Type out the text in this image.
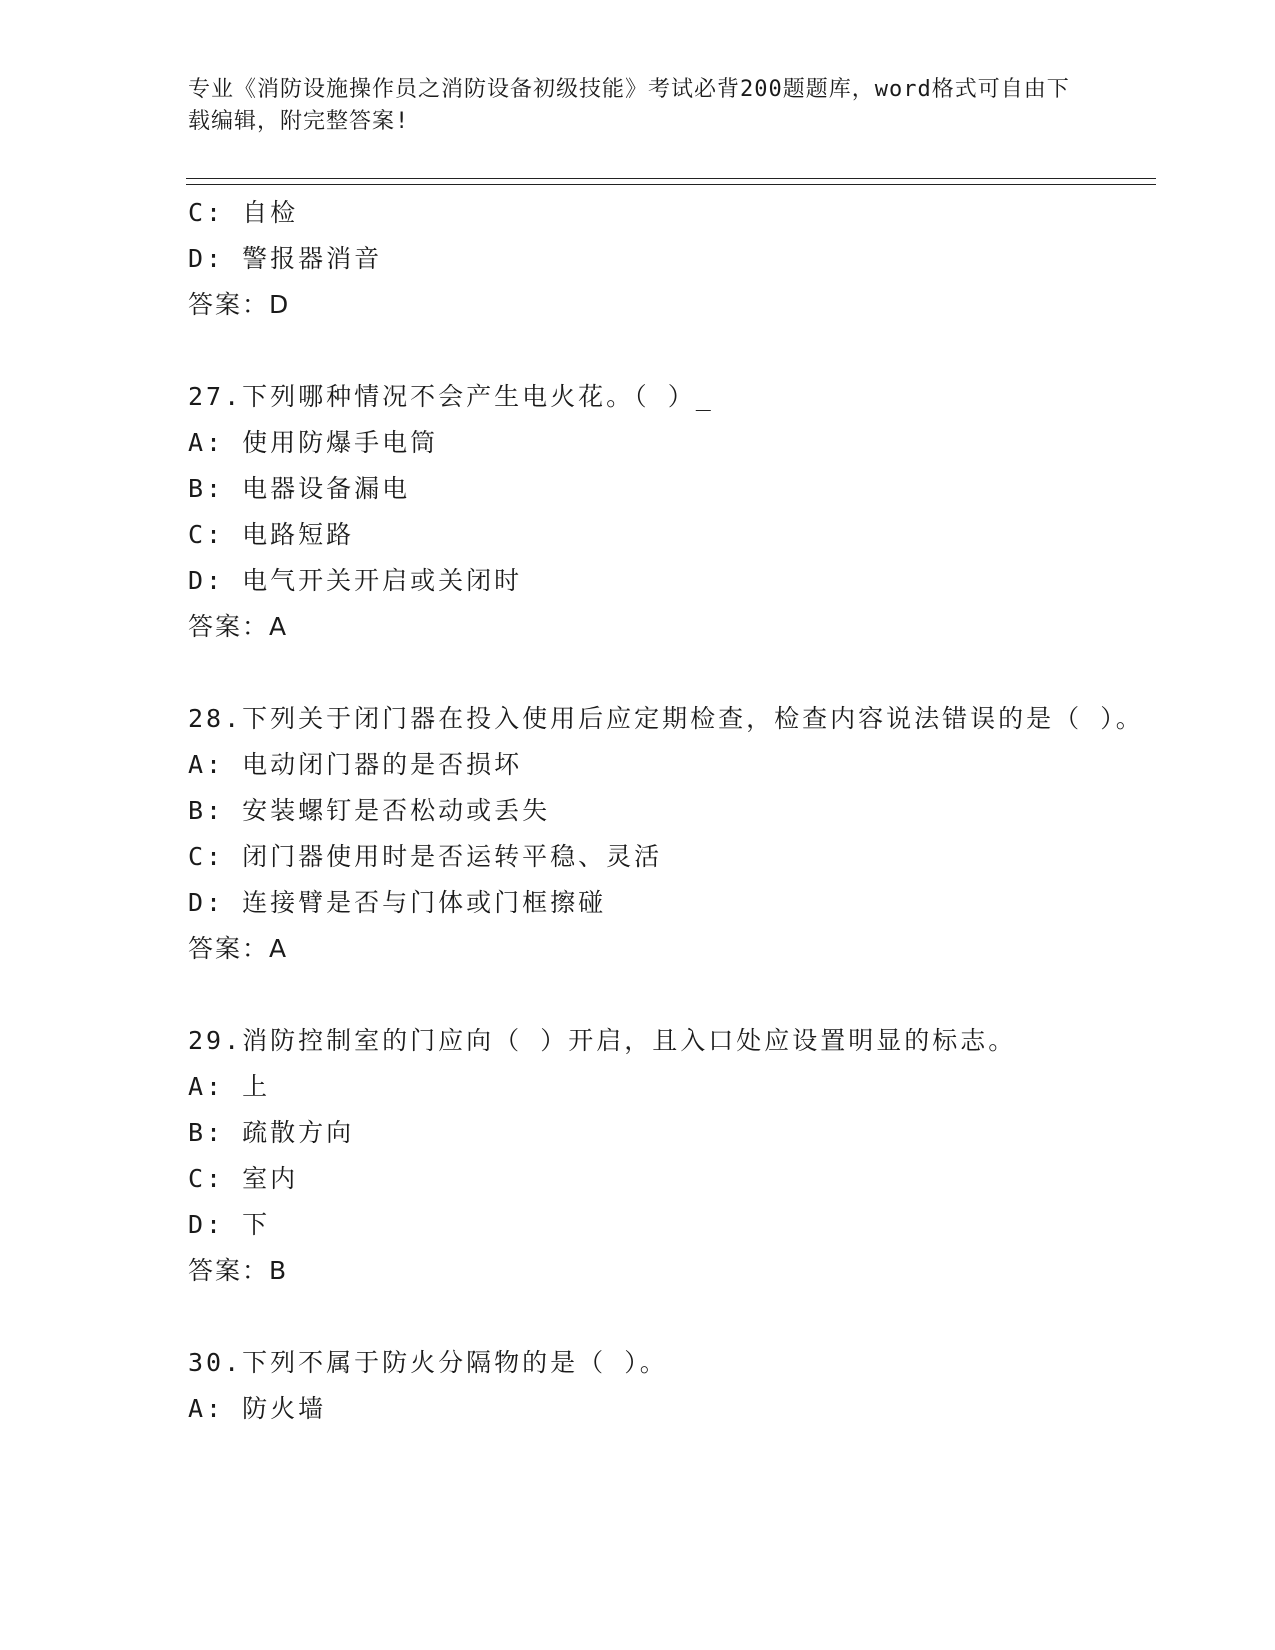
专业《消防设施操作员之消防设备初级技能》考试必背200题题库，word格式可自由下载编辑，附完整答案!
C: 自检
D: 警报器消音
答案：D
27.下列哪种情况不会产生电火花。（ ）_
A: 使用防爆手电筒
B: 电器设备漏电
C: 电路短路
D: 电气开关开启或关闭时
答案：A
28.下列关于闭门器在投入使用后应定期检查，检查内容说法错误的是（ ）。
A: 电动闭门器的是否损坏
B: 安装螺钉是否松动或丢失
C: 闭门器使用时是否运转平稳、灵活
D: 连接臂是否与门体或门框擦碰
答案：A
29.消防控制室的门应向（ ）开启，且入口处应设置明显的标志。
A: 上
B: 疏散方向
C: 室内
D: 下
答案：B
30.下列不属于防火分隔物的是（ ）。
A: 防火墙
